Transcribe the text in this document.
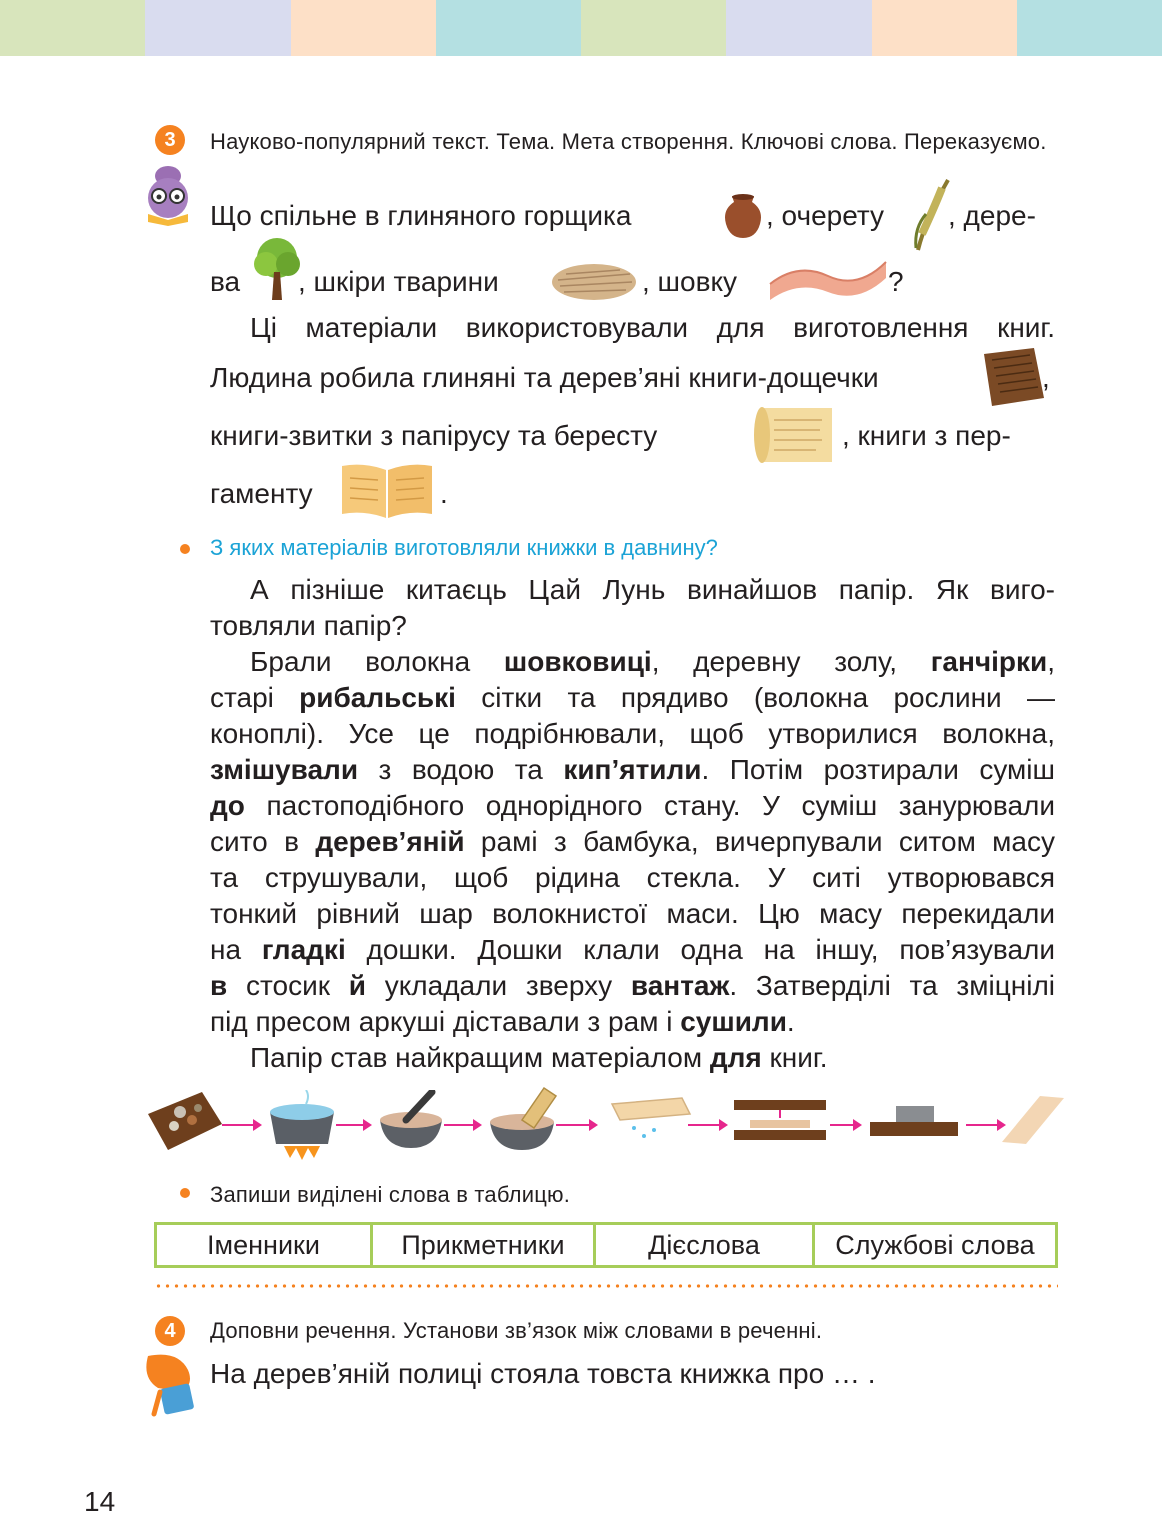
3	Науково-популярний текст. Тема. Мета створення. Ключові слова. Переказуємо.
Що спільне в глиняного горщика	, очерету , дере-
ва , шкіри тварини	, шовку	?
Ці матеріали використовували для виготовлення книг.
Людина робила глиняні та дерев’яні книги-дощечки	,
книги-звитки з папірусу та бересту	, книги з пер-
гаменту	.
З яких матеріалів виготовляли книжки в давнину?
А пізніше китаєць Цай Лунь винайшов папір. Як виго-
товляли папір?
Брали волокна шовковиці, деревну золу, ганчірки,
старі рибальські сітки та прядиво (волокна рослини —
коноплі). Усе це подрібнювали, щоб утворилися волокна,
змішували з водою та кип’ятили. Потім розтирали суміш
до пастоподібного однорідного стану. У суміш занурювали
сито в дерев’яній рамі з бамбука, вичерпували ситом масу
та струшували, щоб рідина стекла. У ситі утворювався
тонкий рівний шар волокнистої маси. Цю масу перекидали
на гладкі дошки. Дошки клали одна на іншу, пов’язували
в стосик й укладали зверху вантаж. Затверділі та зміцнілі
під пресом аркуші діставали з рам і сушили.
Папір став найкращим матеріалом для книг.
Запиши виділені слова в таблицю.
Іменники	Прикметники	Дієслова	Службові слова
4	Доповни речення. Установи зв’язок між словами в реченні.
На дерев’яній полиці стояла товста книжка про … .
14
